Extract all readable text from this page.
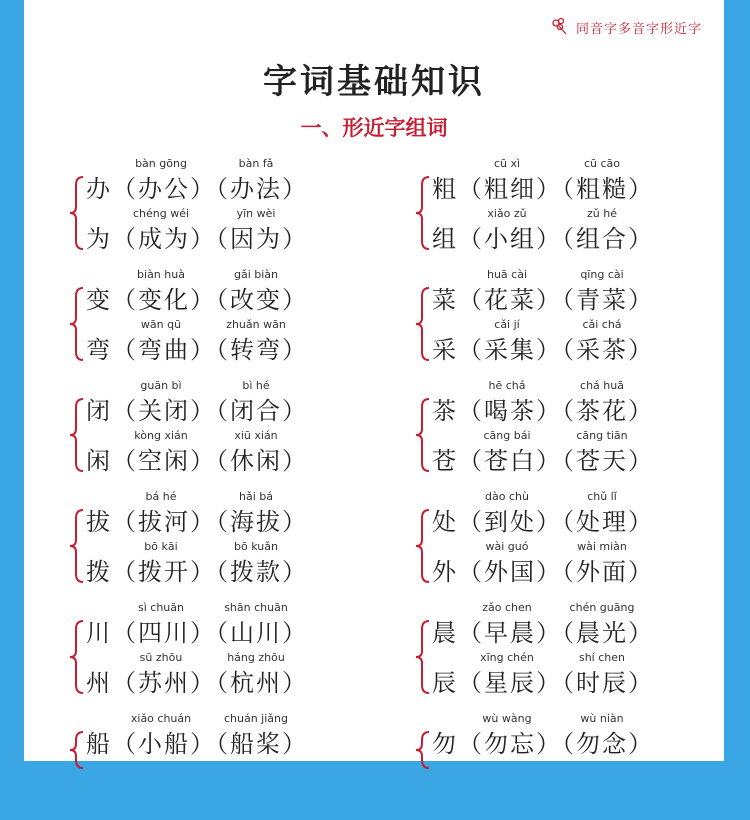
同音字多音字形近字
字词基础知识
一、形近字组词
bàn gōng	bàn fǎ
办（办公）（办法）
chéng wéi	yīn wèi
为（成为）（因为）
cū xì	cū cāo
粗（粗细）（粗糙）
xiǎo zǔ	zǔ hé
组（小组）（组合）
biàn huà	gǎi biàn
变（变化）（改变）
wān qū	zhuǎn wān
弯（弯曲）（转弯）
huā cài	qīng cài
菜（花菜）（青菜）
cǎi jí	cǎi chá
采（采集）（采茶）
guān bì	bì hé
闭（关闭）（闭合）
kòng xián	xiū xián
闲（空闲）（休闲）
hē chá	chá huā
茶（喝茶）（茶花）
cāng bái	cāng tiān
苍（苍白）（苍天）
bá hé	hǎi bá
拔（拔河）（海拔）
bō kāi	bō kuǎn
拨（拨开）（拨款）
dào chù	chǔ lǐ
处（到处）（处理）
wài guó	wài miàn
外（外国）（外面）
sì chuān	shān chuān
川（四川）（山川）
sū zhōu	háng zhōu
州（苏州）（杭州）
zǎo chen	chén guāng
晨（早晨）（晨光）
xīng chén	shí chen
辰（星辰）（时辰）
xiǎo chuán	chuán jiǎng
船（小船）（船桨）
wù wàng	wù niàn
勿（勿忘）（勿念）
